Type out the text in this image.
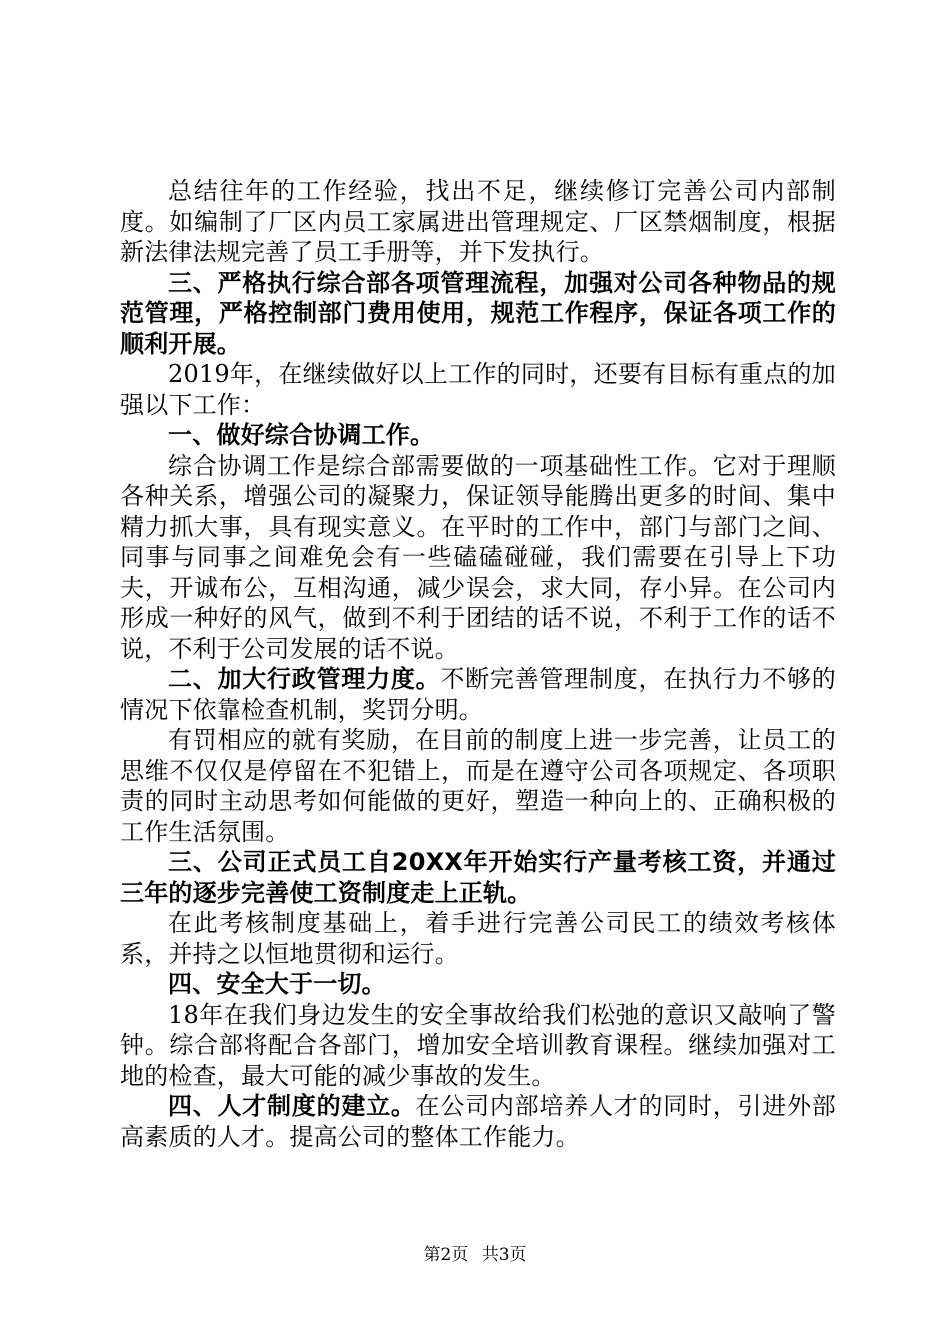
总结往年的工作经验，找出不足，继续修订完善公司内部制度。如编制了厂区内员工家属进出管理规定、厂区禁烟制度，根据新法律法规完善了员工手册等，并下发执行。

三、严格执行综合部各项管理流程，加强对公司各种物品的规范管理，严格控制部门费用使用，规范工作程序，保证各项工作的顺利开展。

2019年，在继续做好以上工作的同时，还要有目标有重点的加强以下工作：

一、做好综合协调工作。

综合协调工作是综合部需要做的一项基础性工作。它对于理顺各种关系，增强公司的凝聚力，保证领导能腾出更多的时间、集中精力抓大事，具有现实意义。在平时的工作中，部门与部门之间、同事与同事之间难免会有一些磕磕碰碰，我们需要在引导上下功夫，开诚布公，互相沟通，减少误会，求大同，存小异。在公司内形成一种好的风气，做到不利于团结的话不说，不利于工作的话不说，不利于公司发展的话不说。

二、加大行政管理力度。不断完善管理制度，在执行力不够的情况下依靠检查机制，奖罚分明。

有罚相应的就有奖励，在目前的制度上进一步完善，让员工的思维不仅仅是停留在不犯错上，而是在遵守公司各项规定、各项职责的同时主动思考如何能做的更好，塑造一种向上的、正确积极的工作生活氛围。

三、公司正式员工自20XX年开始实行产量考核工资，并通过三年的逐步完善使工资制度走上正轨。

在此考核制度基础上，着手进行完善公司民工的绩效考核体系，并持之以恒地贯彻和运行。

四、安全大于一切。

18年在我们身边发生的安全事故给我们松弛的意识又敲响了警钟。综合部将配合各部门，增加安全培训教育课程。继续加强对工地的检查，最大可能的减少事故的发生。

四、人才制度的建立。在公司内部培养人才的同时，引进外部高素质的人才。提高公司的整体工作能力。

第2页 共3页
